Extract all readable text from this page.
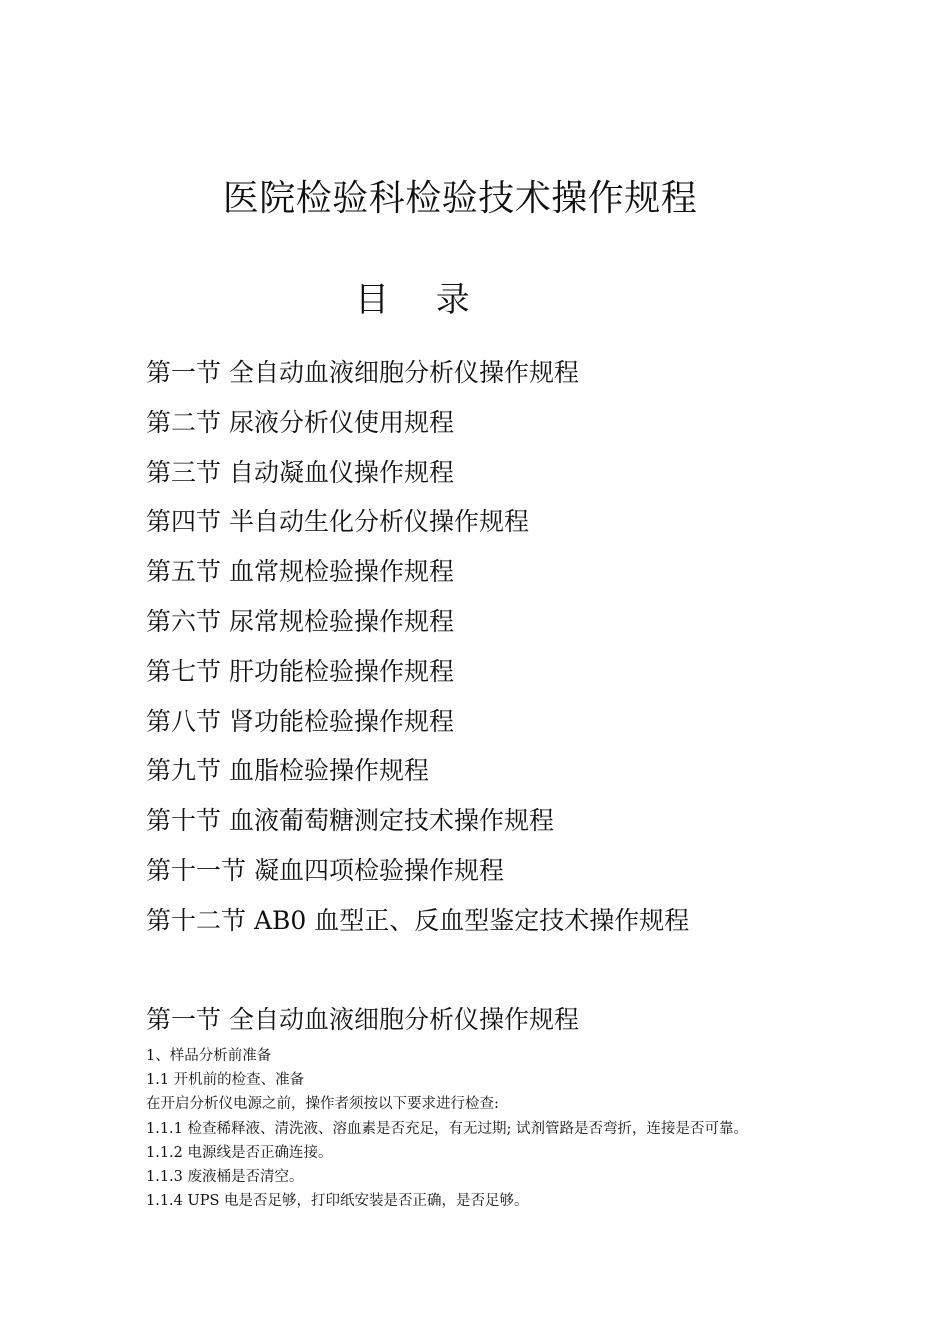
医院检验科检验技术操作规程
目 录
第一节 全自动血液细胞分析仪操作规程
第二节 尿液分析仪使用规程
第三节 自动凝血仪操作规程
第四节 半自动生化分析仪操作规程
第五节 血常规检验操作规程
第六节 尿常规检验操作规程
第七节 肝功能检验操作规程
第八节 肾功能检验操作规程
第九节 血脂检验操作规程
第十节 血液葡萄糖测定技术操作规程
第十一节 凝血四项检验操作规程
第十二节 AB0 血型正、反血型鉴定技术操作规程
第一节 全自动血液细胞分析仪操作规程

1、样品分析前准备

1.1 开机前的检查、准备

在开启分析仪电源之前，操作者须按以下要求进行检查:

1.1.1 检查稀释液、清洗液、溶血素是否充足，有无过期; 试剂管路是否弯折，连接是否可靠。

1.1.2 电源线是否正确连接。

1.1.3 废液桶是否清空。

1.1.4 UPS 电是否足够，打印纸安装是否正确，是否足够。
